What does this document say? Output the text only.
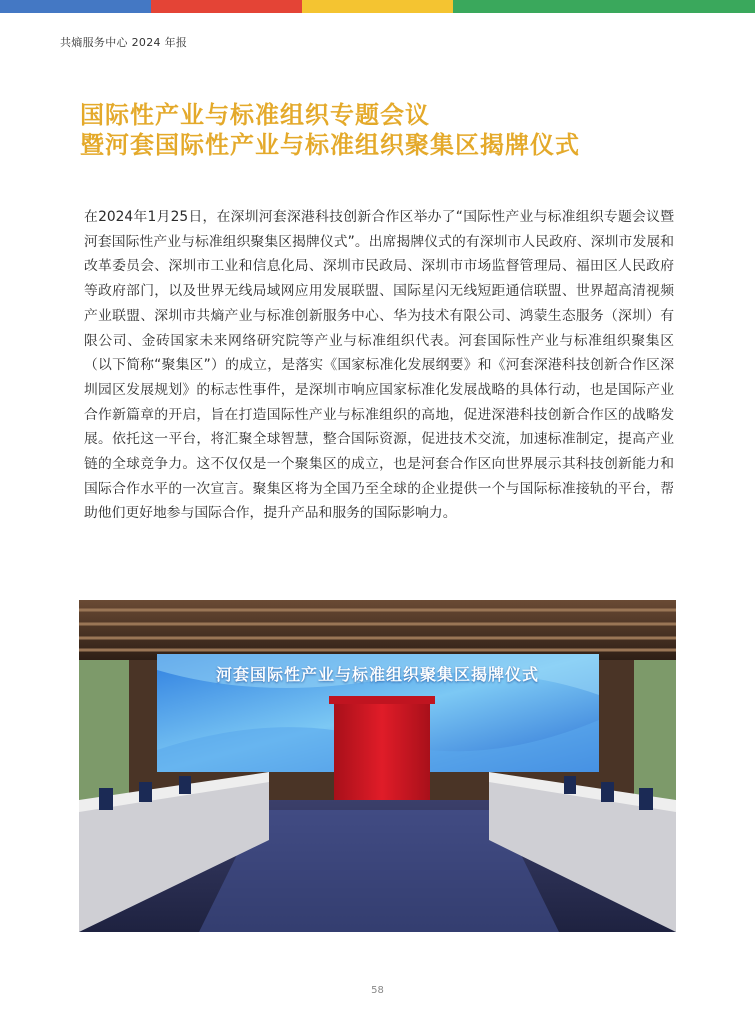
共熵服务中心 2024 年报
国际性产业与标准组织专题会议
暨河套国际性产业与标准组织聚集区揭牌仪式

在2024年1月25日，在深圳河套深港科技创新合作区举办了“国际性产业与标准组织专题会议暨河套国际性产业与标准组织聚集区揭牌仪式”。出席揭牌仪式的有深圳市人民政府、深圳市发展和改革委员会、深圳市工业和信息化局、深圳市民政局、深圳市市场监督管理局、福田区人民政府等政府部门，以及世界无线局域网应用发展联盟、国际星闪无线短距通信联盟、世界超高清视频产业联盟、深圳市共熵产业与标准创新服务中心、华为技术有限公司、鸿蒙生态服务（深圳）有限公司、金砖国家未来网络研究院等产业与标准组织代表。河套国际性产业与标准组织聚集区（以下简称“聚集区”）的成立，是落实《国家标准化发展纲要》和《河套深港科技创新合作区深圳园区发展规划》的标志性事件，是深圳市响应国家标准化发展战略的具体行动，也是国际产业合作新篇章的开启，旨在打造国际性产业与标准组织的高地，促进深港科技创新合作区的战略发展。依托这一平台，将汇聚全球智慧，整合国际资源，促进技术交流，加速标准制定，提高产业链的全球竞争力。这不仅仅是一个聚集区的成立，也是河套合作区向世界展示其科技创新能力和国际合作水平的一次宣言。聚集区将为全国乃至全球的企业提供一个与国际标准接轨的平台，帮助他们更好地参与国际合作，提升产品和服务的国际影响力。

河套国际性产业与标准组织聚集区揭牌仪式
58
